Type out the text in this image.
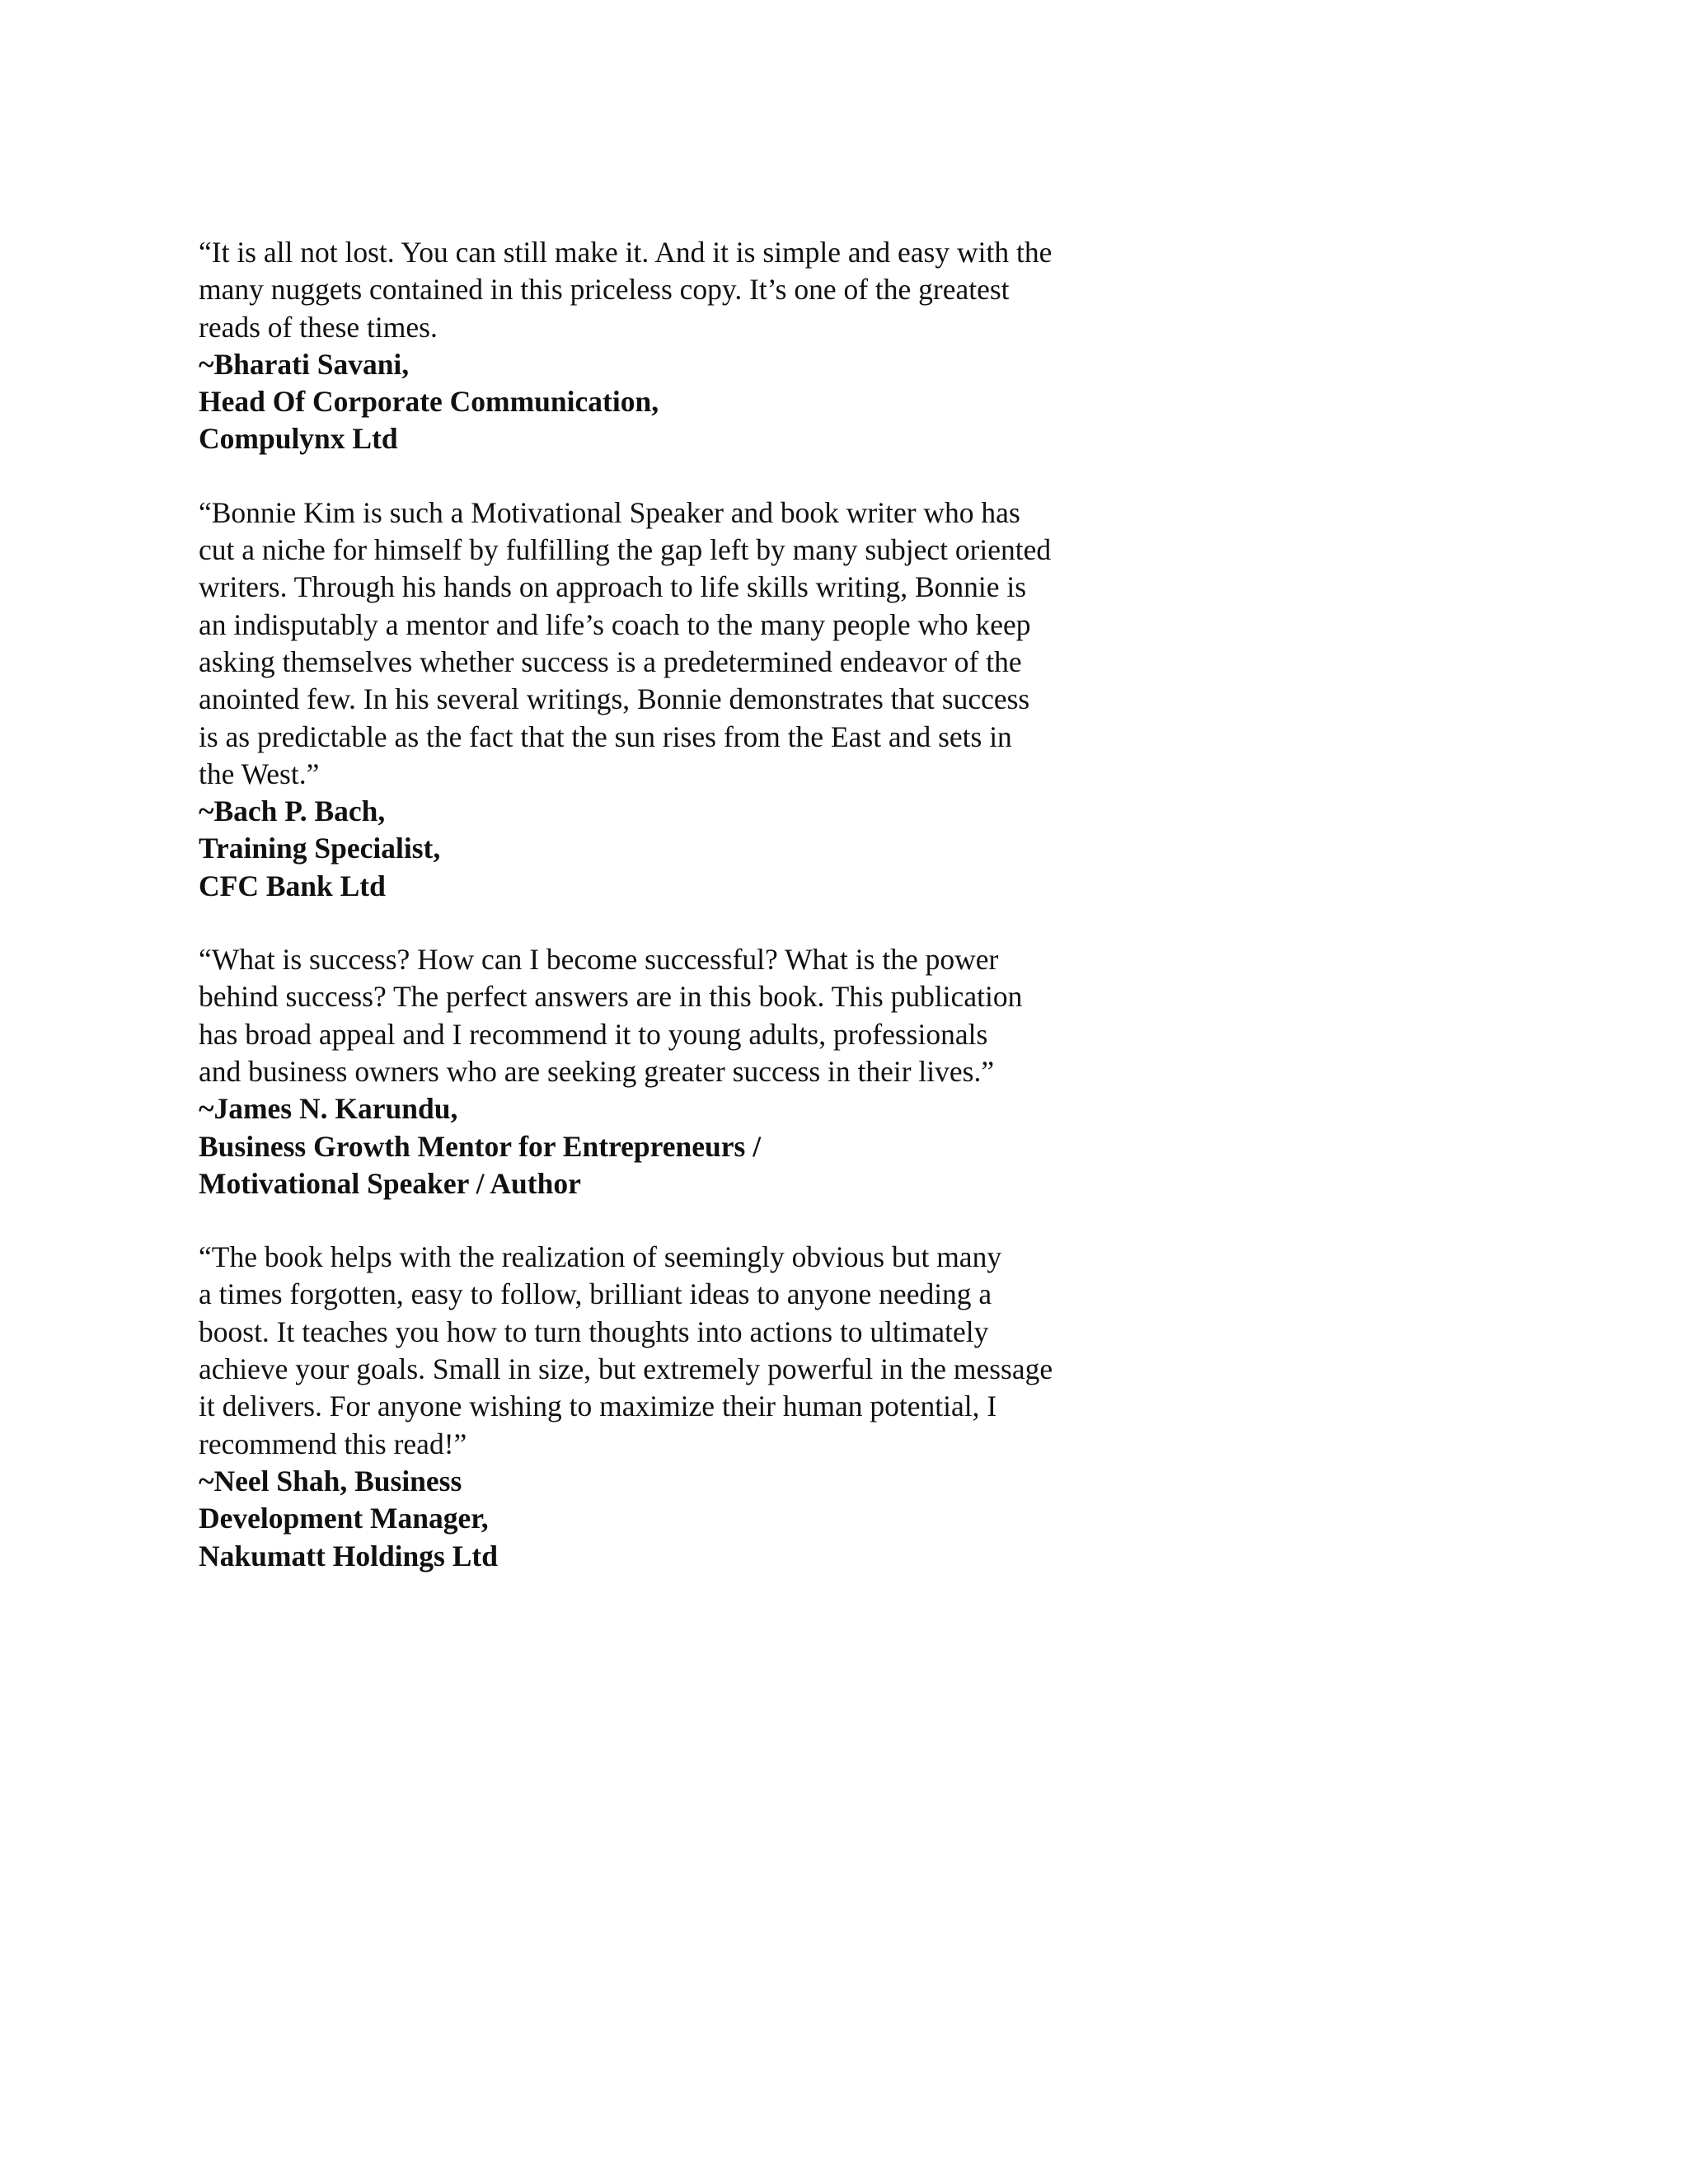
“It is all not lost. You can still make it. And it is simple and easy with the
many nuggets contained in this priceless copy. It’s one of the greatest
reads of these times.
~Bharati Savani,
Head Of Corporate Communication,
Compulynx Ltd
“Bonnie Kim is such a Motivational Speaker and book writer who has
cut a niche for himself by fulfilling the gap left by many subject oriented
writers. Through his hands on approach to life skills writing, Bonnie is
an indisputably a mentor and life’s coach to the many people who keep
asking themselves whether success is a predetermined endeavor of the
anointed few. In his several writings, Bonnie demonstrates that success
is as predictable as the fact that the sun rises from the East and sets in
the West.”
~Bach P. Bach,
Training Specialist,
CFC Bank Ltd
“What is success? How can I become successful? What is the power
behind success? The perfect answers are in this book. This publication
has broad appeal and I recommend it to young adults, professionals
and business owners who are seeking greater success in their lives.”
~James N. Karundu,
Business Growth Mentor for Entrepreneurs /
Motivational Speaker / Author
“The book helps with the realization of seemingly obvious but many
a times forgotten, easy to follow, brilliant ideas to anyone needing a
boost. It teaches you how to turn thoughts into actions to ultimately
achieve your goals. Small in size, but extremely powerful in the message
it delivers. For anyone wishing to maximize their human potential, I
recommend this read!”
~Neel Shah, Business
Development Manager,
Nakumatt Holdings Ltd
